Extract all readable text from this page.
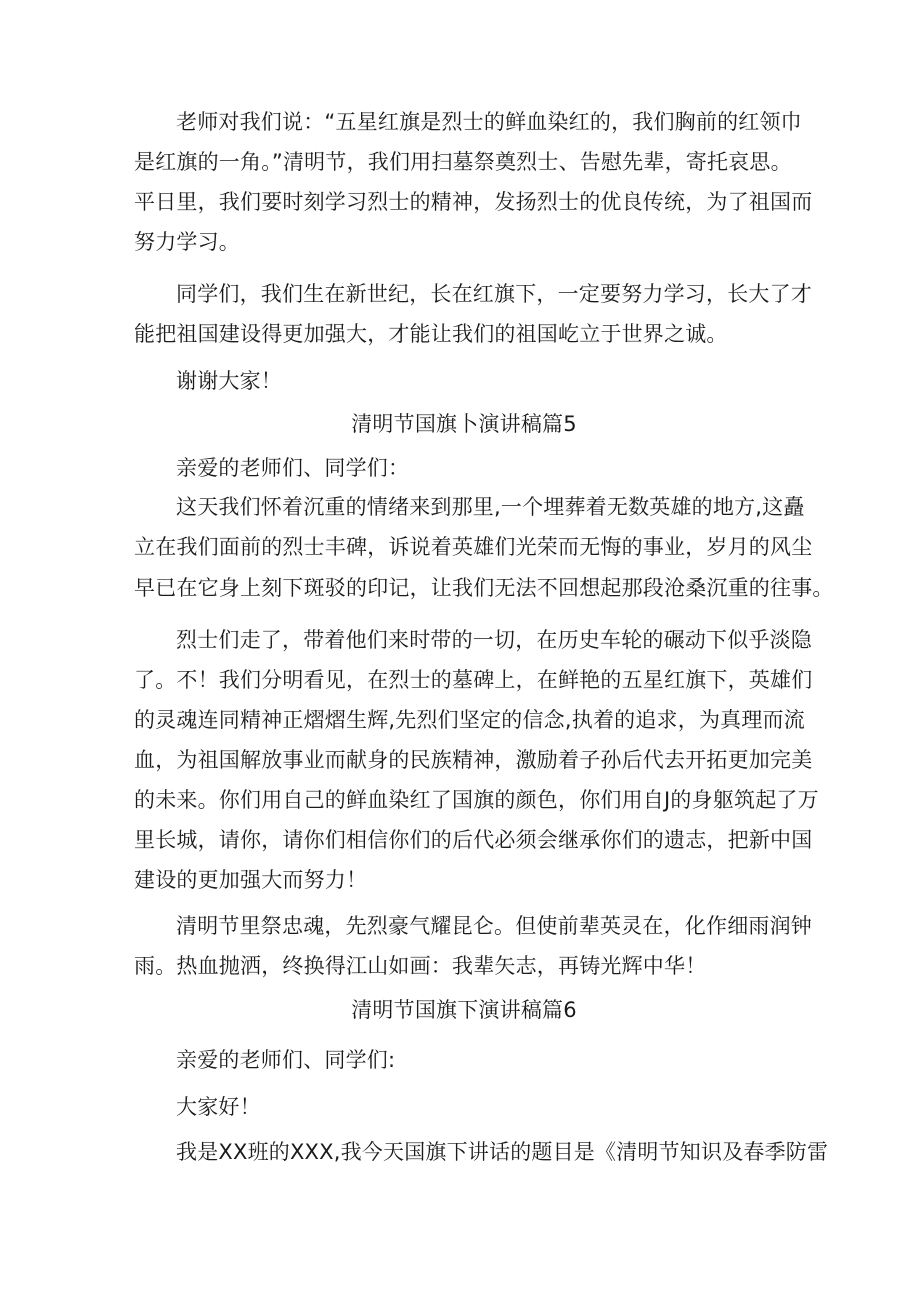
老师对我们说：“五星红旗是烈士的鲜血染红的，我们胸前的红领巾
是红旗的一角。”清明节，我们用扫墓祭奠烈士、告慰先辈，寄托哀思。
平日里，我们要时刻学习烈士的精神，发扬烈士的优良传统，为了祖国而
努力学习。
同学们，我们生在新世纪，长在红旗下，一定要努力学习，长大了才
能把祖国建设得更加强大，才能让我们的祖国屹立于世界之诚。
谢谢大家！
清明节国旗卜演讲稿篇5
亲爱的老师们、同学们：
这天我们怀着沉重的情绪来到那里,一个埋葬着无数英雄的地方,这矗
立在我们面前的烈士丰碑，诉说着英雄们光荣而无悔的事业，岁月的风尘
早已在它身上刻下斑驳的印记，让我们无法不回想起那段沧桑沉重的往事。
烈士们走了，带着他们来时带的一切，在历史车轮的碾动下似乎淡隐
了。不！我们分明看见，在烈士的墓碑上，在鲜艳的五星红旗下，英雄们
的灵魂连同精神正熠熠生辉,先烈们坚定的信念,执着的追求，为真理而流
血，为祖国解放事业而献身的民族精神，激励着子孙后代去开拓更加完美
的未来。你们用自己的鲜血染红了国旗的颜色，你们用自J的身躯筑起了万
里长城，请你，请你们相信你们的后代必须会继承你们的遗志，把新中国
建设的更加强大而努力！
清明节里祭忠魂，先烈豪气耀昆仑。但使前辈英灵在，化作细雨润钟
雨。热血抛洒，终换得江山如画：我辈矢志，再铸光辉中华！
清明节国旗下演讲稿篇6
亲爱的老师们、同学们:
大家好！
我是XX班的XXX,我今天国旗下讲话的题目是《清明节知识及春季防雷
